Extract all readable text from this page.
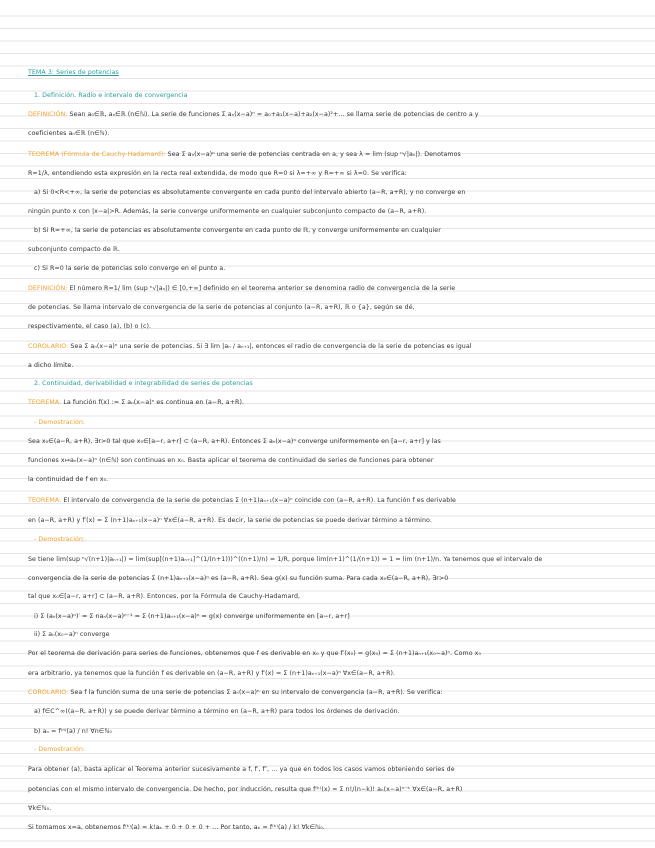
TEMA 3: Series de potencias
1. Definición. Radio e intervalo de convergencia
DEFINICIÓN: Sean a₀∈ℝ, aₙ∈ℝ (n∈ℕ). La serie de funciones Σ aₙ(x−a)ⁿ = a₀+a₁(x−a)+a₂(x−a)²+… se llama serie de potencias de centro a y
coeficientes aₙ∈ℝ (n∈ℕ).
TEOREMA (Fórmula de Cauchy-Hadamard): Sea Σ aₙ(x−a)ⁿ una serie de potencias centrada en a, y sea λ = lim (sup ⁿ√|aₙ|). Denotamos
R=1/λ, entendiendo esta expresión en la recta real extendida, de modo que R=0 si λ=+∞ y R=+∞ si λ=0. Se verifica:
a) Si 0<R<+∞, la serie de potencias es absolutamente convergente en cada punto del intervalo abierto (a−R, a+R), y no converge en
ningún punto x con |x−a|>R. Además, la serie converge uniformemente en cualquier subconjunto compacto de (a−R, a+R).
b) Si R=+∞, la serie de potencias es absolutamente convergente en cada punto de ℝ, y converge uniformemente en cualquier
subconjunto compacto de ℝ.
c) Si R=0 la serie de potencias solo converge en el punto a.
DEFINICIÓN: El número R=1/ lim (sup ⁿ√|aₙ|) ∈ [0,+∞] definido en el teorema anterior se denomina radio de convergencia de la serie
de potencias. Se llama intervalo de convergencia de la serie de potencias al conjunto (a−R, a+R), ℝ o {a}, según se dé,
respectivamente, el caso (a), (b) o (c).
COROLARIO: Sea Σ aₙ(x−a)ⁿ una serie de potencias. Si ∃ lim |aₙ / aₙ₊₁|, entonces el radio de convergencia de la serie de potencias es igual
a dicho límite.
2. Continuidad, derivabilidad e integrabilidad de series de potencias
TEOREMA: La función f(x) := Σ aₙ(x−a)ⁿ es continua en (a−R, a+R).
- Demostración:
Sea x₀∈(a−R, a+R), ∃r>0 tal que x₀∈[a−r, a+r] ⊂ (a−R, a+R). Entonces Σ aₙ(x−a)ⁿ converge uniformemente en [a−r, a+r] y las
funciones x↦aₙ(x−a)ⁿ (n∈ℕ) son continuas en x₀. Basta aplicar el teorema de continuidad de series de funciones para obtener
la continuidad de f en x₀.
TEOREMA: El intervalo de convergencia de la serie de potencias Σ (n+1)aₙ₊₁(x−a)ⁿ coincide con (a−R, a+R). La función f es derivable
en (a−R, a+R) y f′(x) = Σ (n+1)aₙ₊₁(x−a)ⁿ ∀x∈(a−R, a+R). Es decir, la serie de potencias se puede derivar término a término.
- Demostración:
Se tiene lim(sup ⁿ√(n+1)|aₙ₊₁|) = lim(sup[(n+1)aₙ₊₁]^(1/(n+1)))^((n+1)/n) = 1/R, porque lim(n+1)^(1/(n+1)) = 1 = lim (n+1)/n. Ya tenemos que el intervalo de
convergencia de la serie de potencias Σ (n+1)aₙ₊₁(x−a)ⁿ es (a−R, a+R). Sea g(x) su función suma. Para cada x₀∈(a−R, a+R), ∃r>0
tal que x₀∈[a−r, a+r] ⊂ (a−R, a+R). Entonces, por la Fórmula de Cauchy-Hadamard,
i) Σ (aₙ(x−a)ⁿ)′ = Σ naₙ(x−a)ⁿ⁻¹ = Σ (n+1)aₙ₊₁(x−a)ⁿ = g(x) converge uniformemente en [a−r, a+r]
ii) Σ aₙ(x₀−a)ⁿ converge
Por el teorema de derivación para series de funciones, obtenemos que f es derivable en x₀ y que f′(x₀) = g(x₀) = Σ (n+1)aₙ₊₁(x₀−a)ⁿ. Como x₀
era arbitrario, ya tenemos que la función f es derivable en (a−R, a+R) y f′(x) = Σ (n+1)aₙ₊₁(x−a)ⁿ ∀x∈(a−R, a+R).
COROLARIO: Sea f la función suma de una serie de potencias Σ aₙ(x−a)ⁿ en su intervalo de convergencia (a−R, a+R). Se verifica:
a) f∈C^∞((a−R, a+R)) y se puede derivar término a término en (a−R, a+R) para todos los órdenes de derivación.
b) aₙ = f⁽ⁿ⁾(a) / n! ∀n∈ℕ₀
- Demostración:
Para obtener (a), basta aplicar el Teorema anterior sucesivamente a f, f′, f″, … ya que en todos los casos vamos obteniendo series de
potencias con el mismo intervalo de convergencia. De hecho, por inducción, resulta que f⁽ᵏ⁾(x) = Σ n!/(n−k)! aₙ(x−a)ⁿ⁻ᵏ ∀x∈(a−R, a+R)
∀k∈ℕ₀.
Si tomamos x=a, obtenemos f⁽ᵏ⁾(a) = k!aₖ + 0 + 0 + 0 + … Por tanto, aₖ = f⁽ᵏ⁾(a) / k! ∀k∈ℕ₀.
